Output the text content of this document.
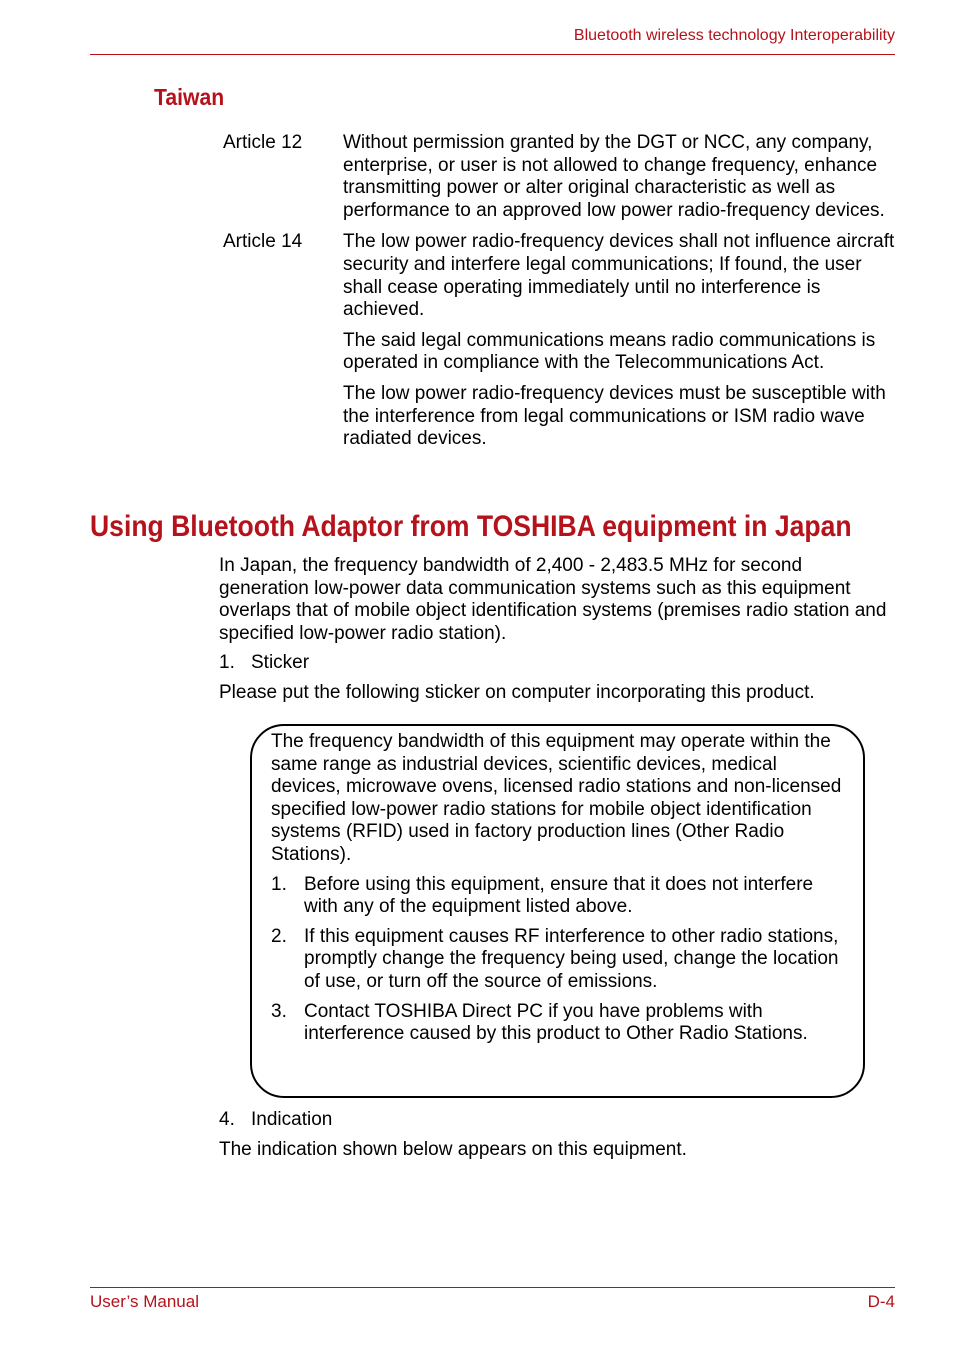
Bluetooth wireless technology Interoperability
Taiwan
Article 12	Without permission granted by the DGT or NCC, any company, enterprise, or user is not allowed to change frequency, enhance transmitting power or alter original characteristic as well as performance to an approved low power radio-frequency devices.

Article 14	The low power radio-frequency devices shall not influence aircraft security and interfere legal communications; If found, the user shall cease operating immediately until no interference is achieved.

The said legal communications means radio communications is operated in compliance with the Telecommunications Act.

The low power radio-frequency devices must be susceptible with the interference from legal communications or ISM radio wave radiated devices.

Using Bluetooth Adaptor from TOSHIBA equipment in Japan

In Japan, the frequency bandwidth of 2,400 - 2,483.5 MHz for second generation low-power data communication systems such as this equipment overlaps that of mobile object identification systems (premises radio station and specified low-power radio station).

1. Sticker

Please put the following sticker on computer incorporating this product.

The frequency bandwidth of this equipment may operate within the same range as industrial devices, scientific devices, medical devices, microwave ovens, licensed radio stations and non-licensed specified low-power radio stations for mobile object identification systems (RFID) used in factory production lines (Other Radio Stations).

1. Before using this equipment, ensure that it does not interfere with any of the equipment listed above.
2. If this equipment causes RF interference to other radio stations, promptly change the frequency being used, change the location of use, or turn off the source of emissions.
3. Contact TOSHIBA Direct PC if you have problems with interference caused by this product to Other Radio Stations.
4. Indication

The indication shown below appears on this equipment.

User’s Manual	D-4
